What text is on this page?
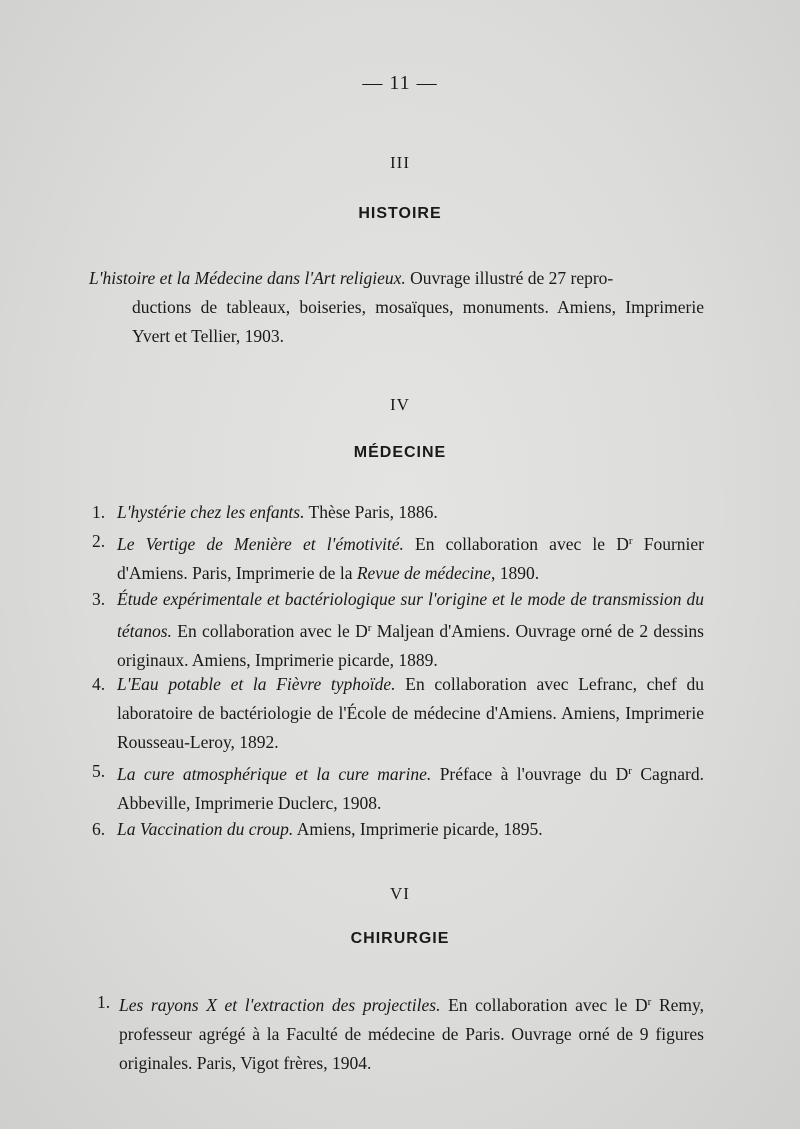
— 11 —
III
HISTOIRE
L'histoire et la Médecine dans l'Art religieux. Ouvrage illustré de 27 repro-
ductions de tableaux, boiseries, mosaïques, monuments. Amiens, Imprimerie Yvert et Tellier, 1903.
IV
MÉDECINE
1. L'hystérie chez les enfants. Thèse Paris, 1886.
2. Le Vertige de Menière et l'émotivité. En collaboration avec le $D^r$ Fournier d'Amiens. Paris, Imprimerie de la Revue de médecine, 1890.
3. Étude expérimentale et bactériologique sur l'origine et le mode de transmission du tétanos. En collaboration avec le $D^r$ Maljean d'Amiens. Ouvrage orné de 2 dessins originaux. Amiens, Imprimerie picarde, 1889.
4. L'Eau potable et la Fièvre typhoïde. En collaboration avec Lefranc, chef du laboratoire de bactériologie de l'École de médecine d'Amiens. Amiens, Imprimerie Rousseau-Leroy, 1892.
5. La cure atmosphérique et la cure marine. Préface à l'ouvrage du $D^r$ Cagnard. Abbeville, Imprimerie Duclerc, 1908.
6. La Vaccination du croup. Amiens, Imprimerie picarde, 1895.
VI
CHIRURGIE
1. Les rayons X et l'extraction des projectiles. En collaboration avec le $D^r$ Remy, professeur agrégé à la Faculté de médecine de Paris. Ouvrage orné de 9 figures originales. Paris, Vigot frères, 1904.
